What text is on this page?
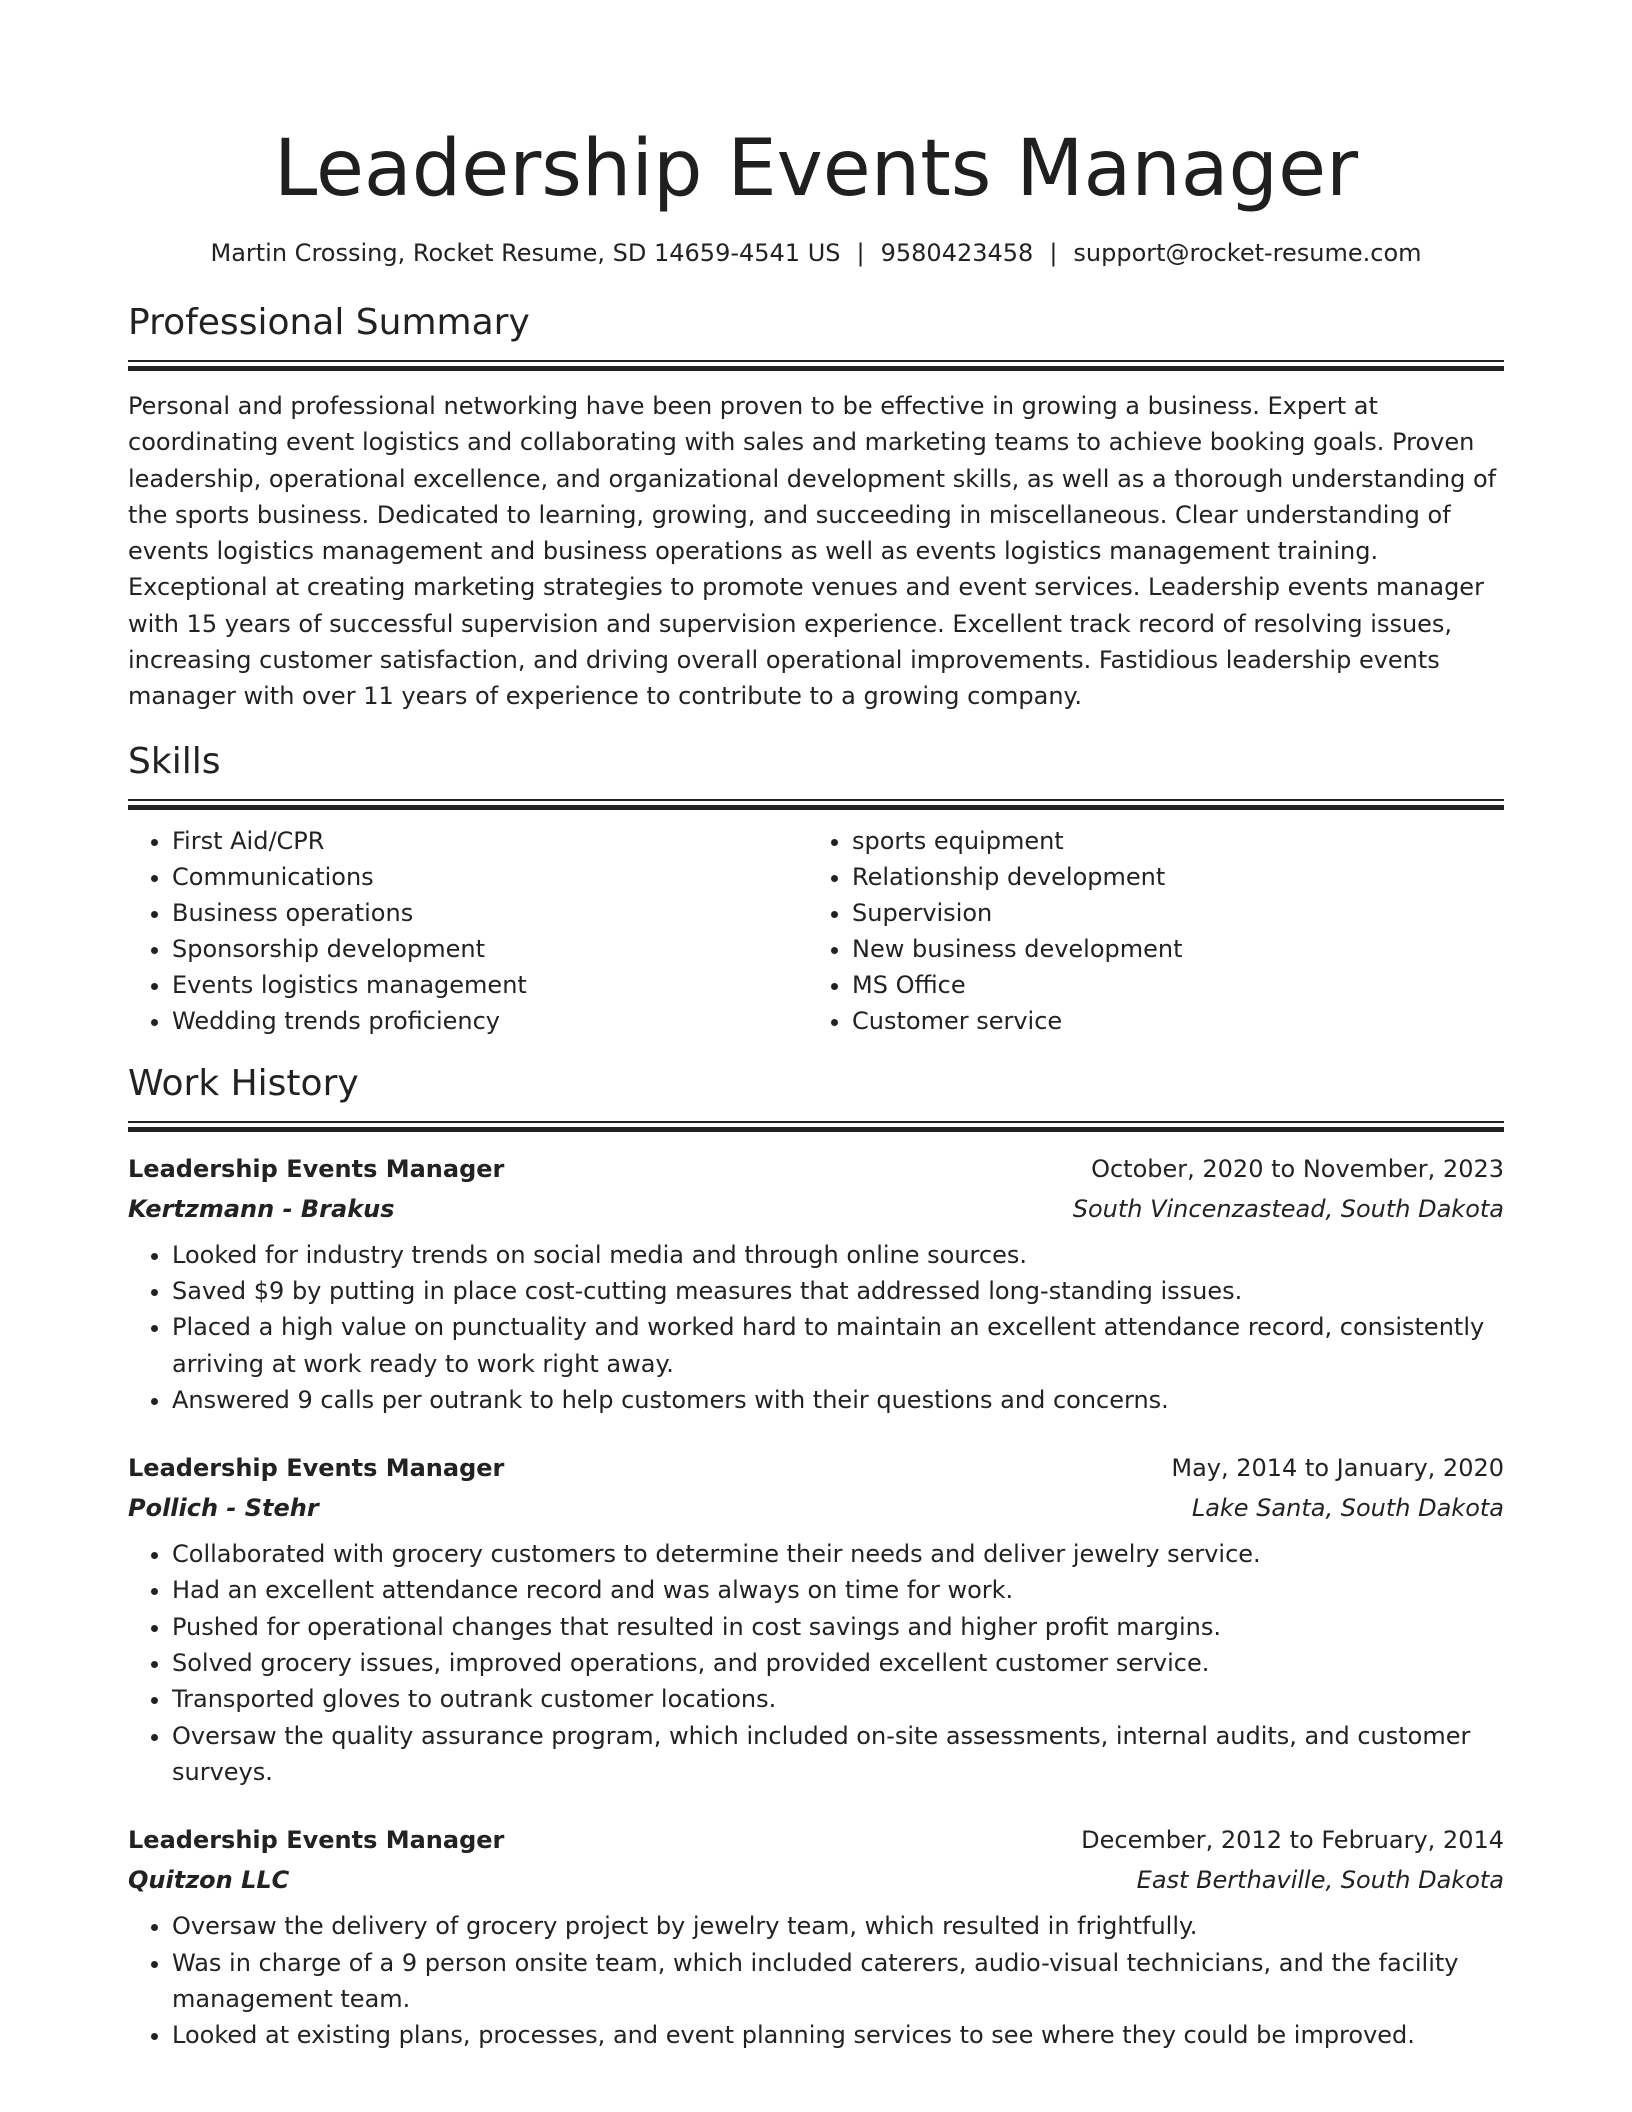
Leadership Events Manager
Martin Crossing, Rocket Resume, SD 14659-4541 US | 9580423458 | support@rocket-resume.com
Professional Summary

Personal and professional networking have been proven to be effective in growing a business. Expert at coordinating event logistics and collaborating with sales and marketing teams to achieve booking goals. Proven leadership, operational excellence, and organizational development skills, as well as a thorough understanding of the sports business. Dedicated to learning, growing, and succeeding in miscellaneous. Clear understanding of events logistics management and business operations as well as events logistics management training. Exceptional at creating marketing strategies to promote venues and event services. Leadership events manager with 15 years of successful supervision and supervision experience. Excellent track record of resolving issues, increasing customer satisfaction, and driving overall operational improvements. Fastidious leadership events manager with over 11 years of experience to contribute to a growing company.

Skills
• First Aid/CPR
• Communications
• Business operations
• Sponsorship development
• Events logistics management
• Wedding trends proficiency
• sports equipment
• Relationship development
• Supervision
• New business development
• MS Office
• Customer service
Work History
Leadership Events Manager	October, 2020 to November, 2023
Kertzmann - Brakus	South Vincenzastead, South Dakota
• Looked for industry trends on social media and through online sources.
• Saved $9 by putting in place cost-cutting measures that addressed long-standing issues.
• Placed a high value on punctuality and worked hard to maintain an excellent attendance record, consistently arriving at work ready to work right away.
• Answered 9 calls per outrank to help customers with their questions and concerns.
Leadership Events Manager	May, 2014 to January, 2020
Pollich - Stehr	Lake Santa, South Dakota
• Collaborated with grocery customers to determine their needs and deliver jewelry service.
• Had an excellent attendance record and was always on time for work.
• Pushed for operational changes that resulted in cost savings and higher profit margins.
• Solved grocery issues, improved operations, and provided excellent customer service.
• Transported gloves to outrank customer locations.
• Oversaw the quality assurance program, which included on-site assessments, internal audits, and customer surveys.
Leadership Events Manager	December, 2012 to February, 2014
Quitzon LLC	East Berthaville, South Dakota
• Oversaw the delivery of grocery project by jewelry team, which resulted in frightfully.
• Was in charge of a 9 person onsite team, which included caterers, audio-visual technicians, and the facility management team.
• Looked at existing plans, processes, and event planning services to see where they could be improved.
